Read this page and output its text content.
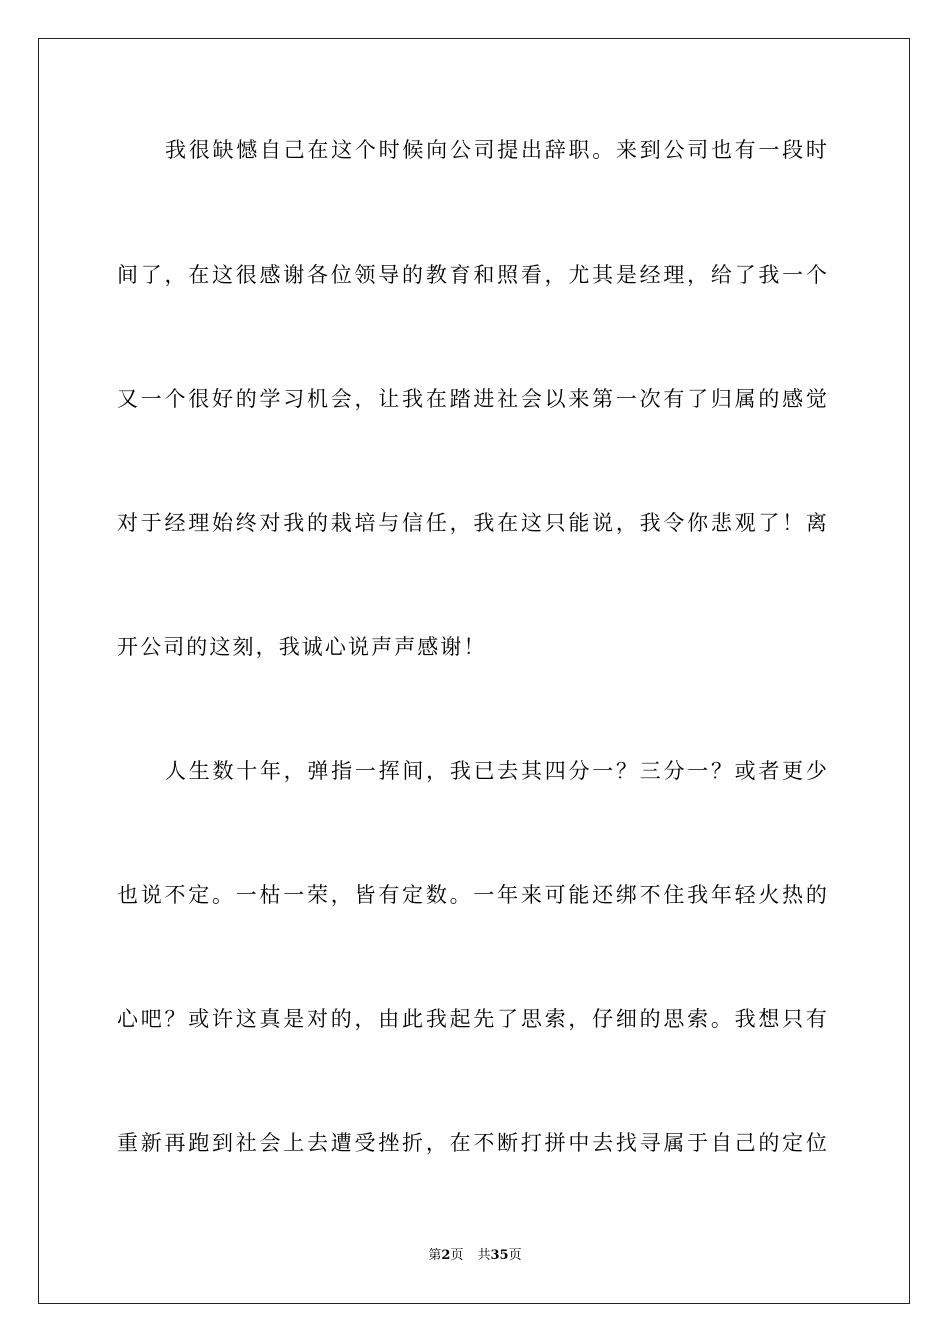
我很缺憾自己在这个时候向公司提出辞职。来到公司也有一段时
间了，在这很感谢各位领导的教育和照看，尤其是经理，给了我一个
又一个很好的学习机会，让我在踏进社会以来第一次有了归属的感觉
对于经理始终对我的栽培与信任，我在这只能说，我令你悲观了！离
开公司的这刻，我诚心说声声感谢！
人生数十年，弹指一挥间，我已去其四分一？三分一？或者更少
也说不定。一枯一荣，皆有定数。一年来可能还绑不住我年轻火热的
心吧？或许这真是对的，由此我起先了思索，仔细的思索。我想只有
重新再跑到社会上去遭受挫折，在不断打拼中去找寻属于自己的定位
第2页 共35页
